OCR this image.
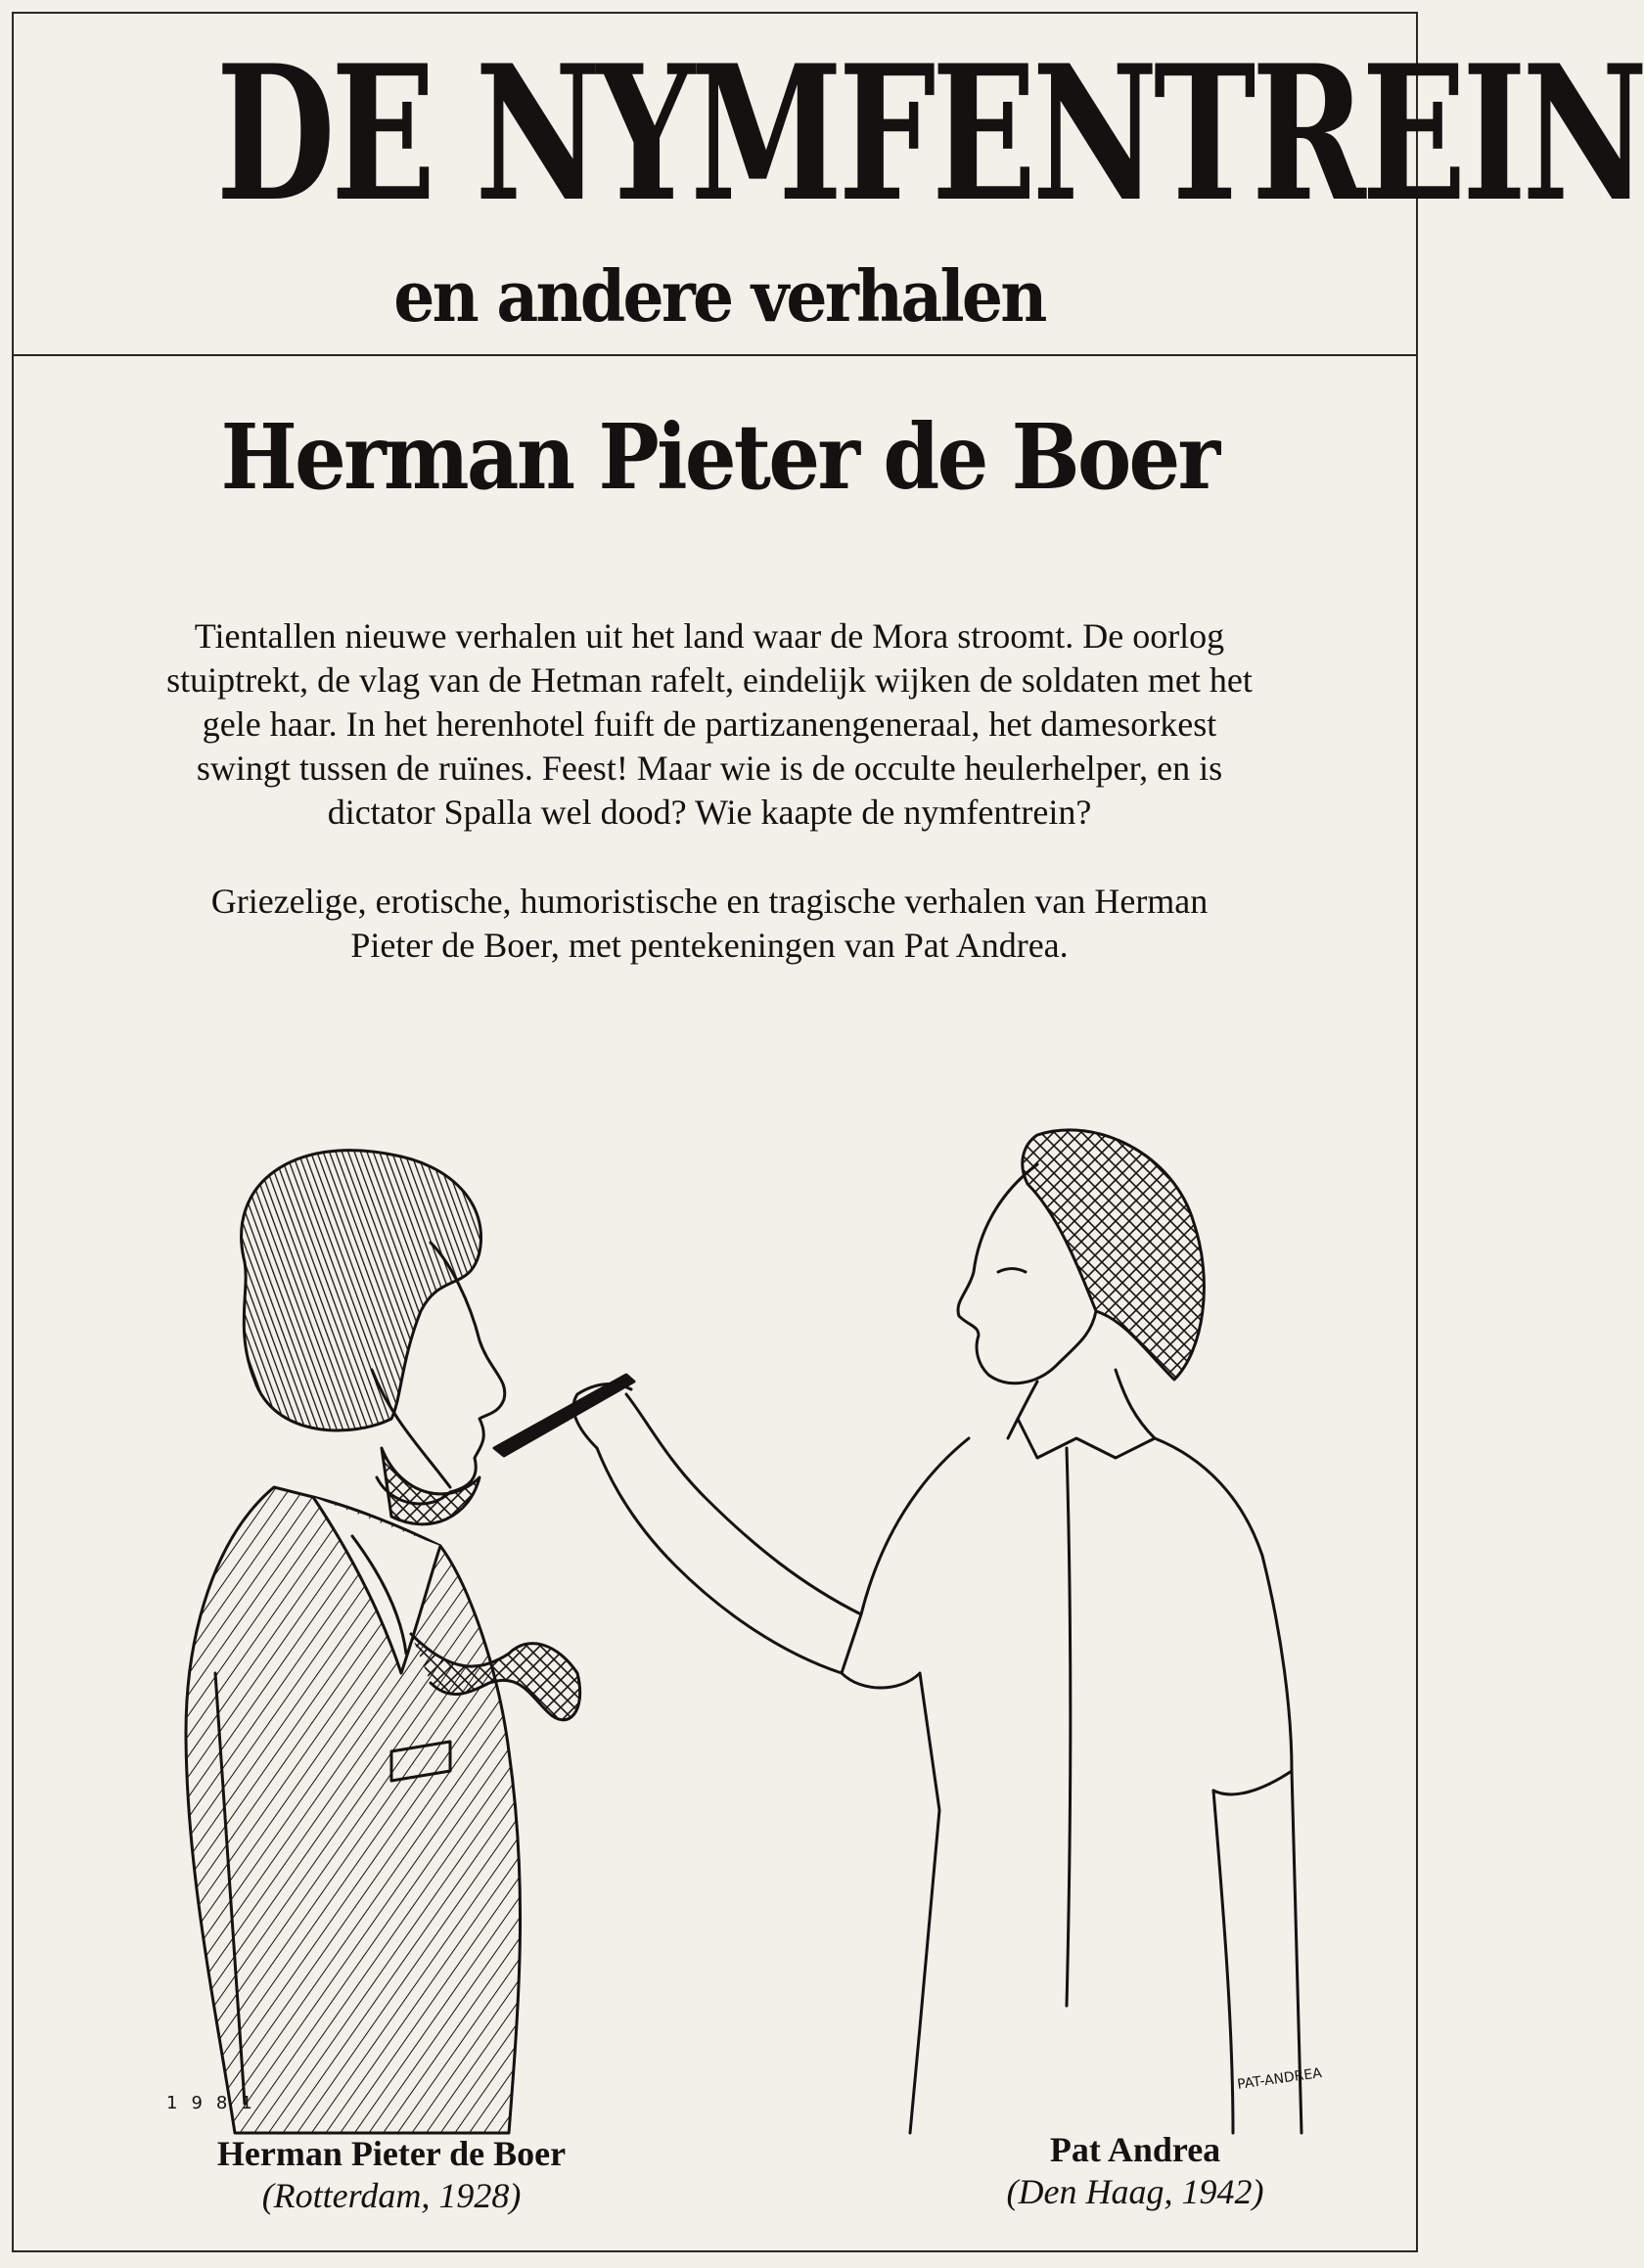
DE NYMFENTREIN
en andere verhalen
Herman Pieter de Boer

Tientallen nieuwe verhalen uit het land waar de Mora stroomt. De oorlog stuiptrekt, de vlag van de Hetman rafelt, eindelijk wijken de soldaten met het gele haar. In het herenhotel fuift de partizanengeneraal, het damesorkest swingt tussen de ruïnes. Feest! Maar wie is de occulte heulerhelper, en is dictator Spalla wel dood? Wie kaapte de nymfentrein?

Griezelige, erotische, humoristische en tragische verhalen van Herman Pieter de Boer, met pentekeningen van Pat Andrea.

1981
PAT-ANDREA
Herman Pieter de Boer
(Rotterdam, 1928)
Pat Andrea
(Den Haag, 1942)
